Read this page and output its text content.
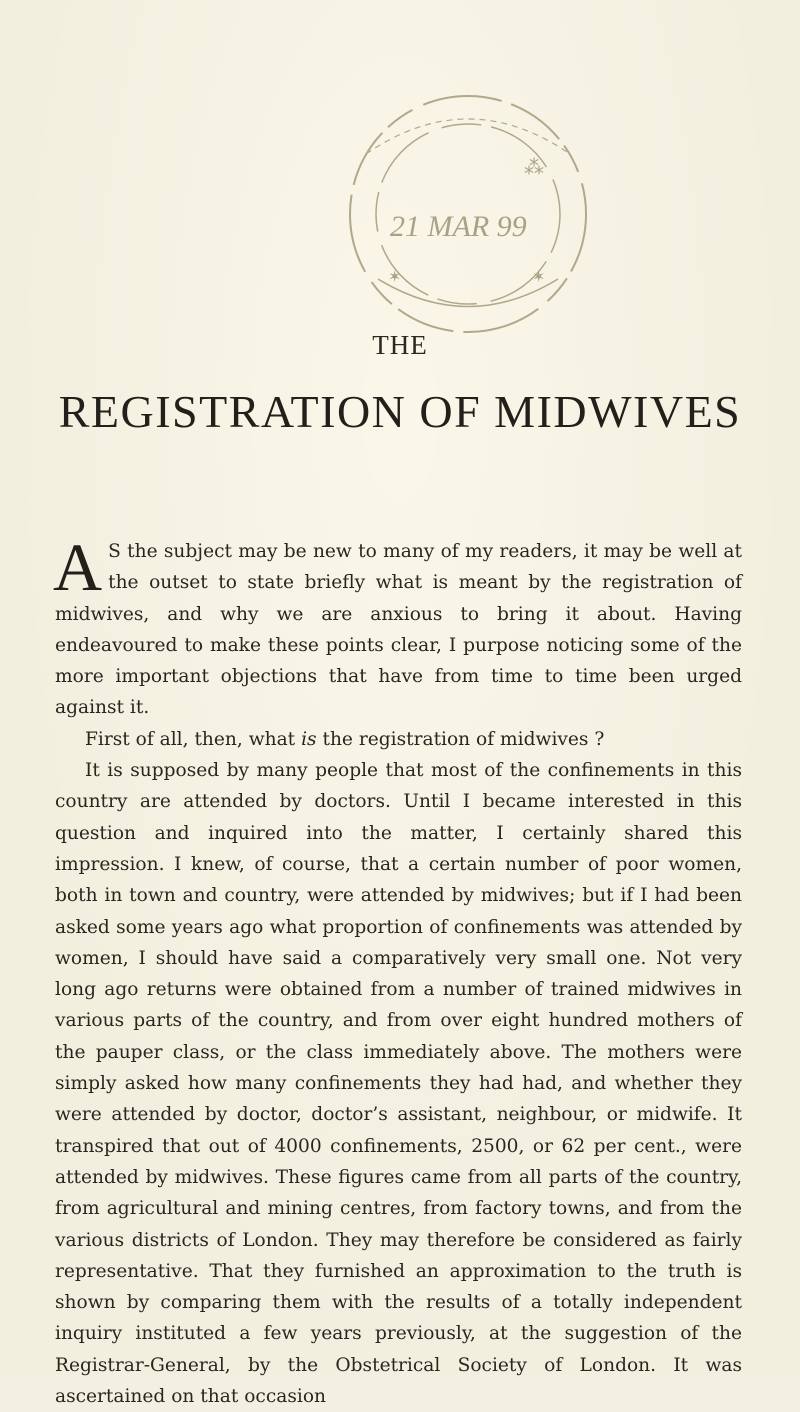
21 MAR 99
⁂
✶	✶
THE
REGISTRATION OF MIDWIVES

A S the subject may be new to many of my readers, it may be well at the outset to state briefly what is meant by the registration of midwives, and why we are anxious to bring it about. Having endeavoured to make these points clear, I purpose noticing some of the more important objections that have from time to time been urged against it.

First of all, then, what is the registration of midwives ?

It is supposed by many people that most of the confinements in this country are attended by doctors. Until I became interested in this question and inquired into the matter, I certainly shared this impression. I knew, of course, that a certain number of poor women, both in town and country, were attended by midwives; but if I had been asked some years ago what proportion of confinements was attended by women, I should have said a comparatively very small one. Not very long ago returns were obtained from a number of trained midwives in various parts of the country, and from over eight hundred mothers of the pauper class, or the class immediately above. The mothers were simply asked how many confinements they had had, and whether they were attended by doctor, doctor’s assistant, neighbour, or midwife. It transpired that out of 4000 confinements, 2500, or 62 per cent., were attended by midwives. These figures came from all parts of the country, from agricultural and mining centres, from factory towns, and from the various districts of London. They may therefore be considered as fairly representative. That they furnished an approximation to the truth is shown by comparing them with the results of a totally independent inquiry instituted a few years previously, at the suggestion of the Registrar-General, by the Obstetrical Society of London. It was ascertained on that occasion
